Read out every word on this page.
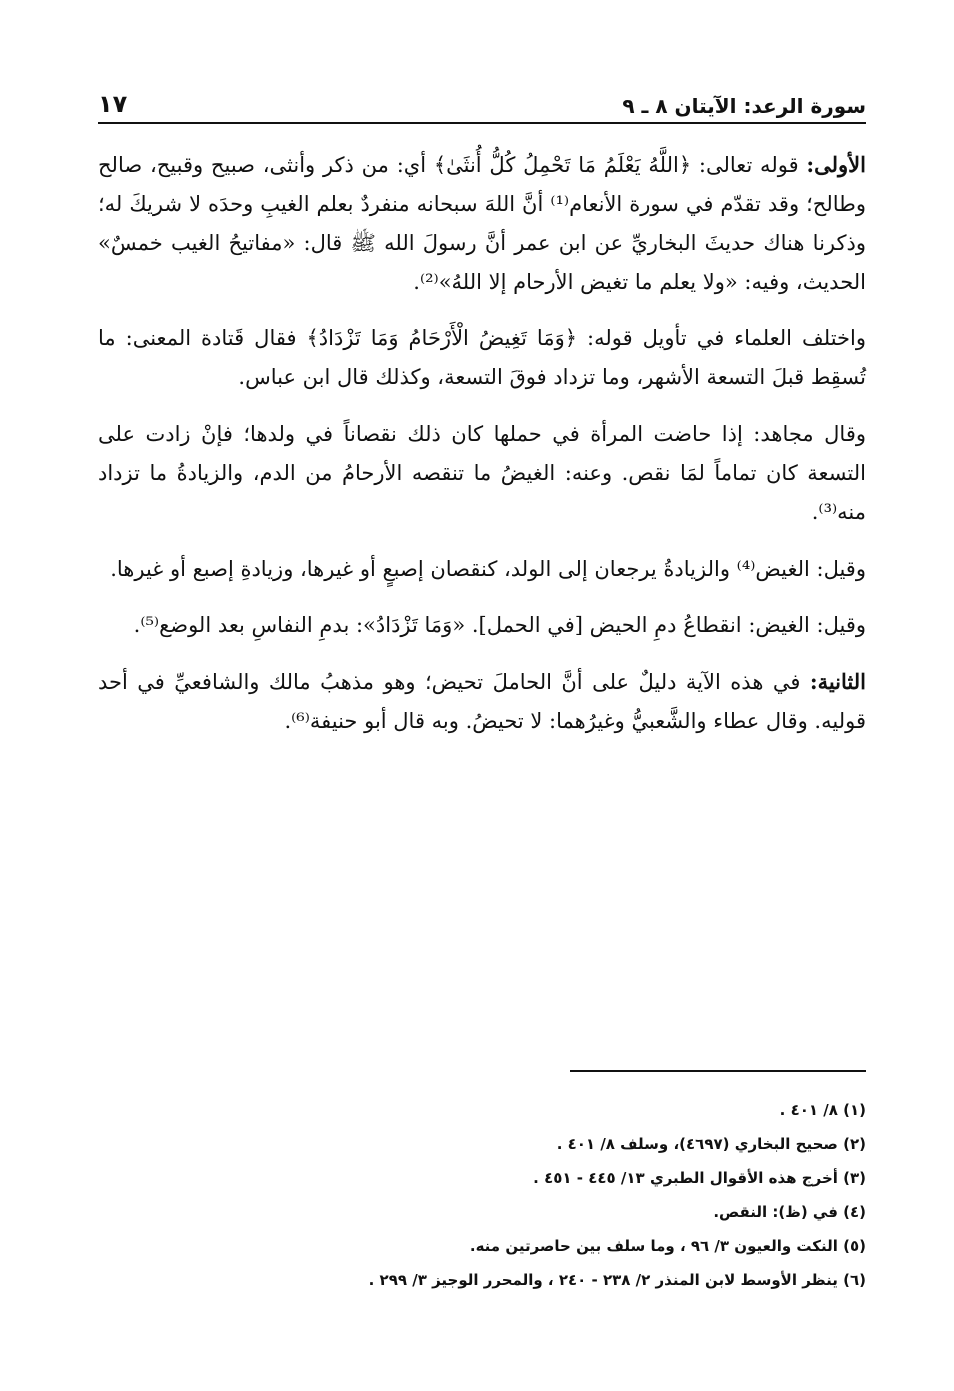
سورة الرعد: الآيتان ٨ ـ ٩
١٧

الأولى: قوله تعالى: ﴿اللَّهُ يَعْلَمُ مَا تَحْمِلُ كُلُّ أُنثَىٰ﴾ أي: من ذكر وأنثى، صبيح وقبيح، صالح وطالح؛ وقد تقدّم في سورة الأنعام⁽¹⁾ أنَّ اللهَ سبحانه منفردٌ بعلم الغيبِ وحدَه لا شريكَ له؛ وذكرنا هناك حديثَ البخاريِّ عن ابن عمر أنَّ رسولَ الله ﷺ قال: «مفاتيحُ الغيب خمسٌ» الحديث، وفيه: «ولا يعلم ما تغيض الأرحام إلا اللهُ»⁽²⁾.

واختلف العلماء في تأويل قوله: ﴿وَمَا تَغِيضُ الْأَرْحَامُ وَمَا تَزْدَادُ﴾ فقال قَتادة المعنى: ما تُسقِط قبلَ التسعة الأشهر، وما تزداد فوقَ التسعة، وكذلك قال ابن عباس.

وقال مجاهد: إذا حاضت المرأة في حملها كان ذلك نقصاناً في ولدها؛ فإنْ زادت على التسعة كان تماماً لمَا نقص. وعنه: الغيضُ ما تنقصه الأرحامُ من الدم، والزيادةُ ما تزداد منه⁽³⁾.

وقيل: الغيض⁽⁴⁾ والزيادةُ يرجعان إلى الولد، كنقصان إصبعٍ أو غيرها، وزيادةِ إصبع أو غيرها.

وقيل: الغيض: انقطاعُ دمِ الحيض [في الحمل]. «وَمَا تَزْدَادُ»: بدمِ النفاسِ بعد الوضع⁽⁵⁾.

الثانية: في هذه الآية دليلٌ على أنَّ الحاملَ تحيض؛ وهو مذهبُ مالك والشافعيِّ في أحد قوليه. وقال عطاء والشَّعبيُّ وغيرُهما: لا تحيضُ. وبه قال أبو حنيفة⁽⁶⁾.

(١) ٨/ ٤٠١ .
(٢) صحيح البخاري (٤٦٩٧)، وسلف ٨/ ٤٠١ .
(٣) أخرج هذه الأقوال الطبري ١٣/ ٤٤٥ - ٤٥١ .
(٤) في (ظ): النقص.
(٥) النكت والعيون ٣/ ٩٦ ، وما سلف بين حاصرتين منه.
(٦) ينظر الأوسط لابن المنذر ٢/ ٢٣٨ - ٢٤٠ ، والمحرر الوجيز ٣/ ٢٩٩ .
